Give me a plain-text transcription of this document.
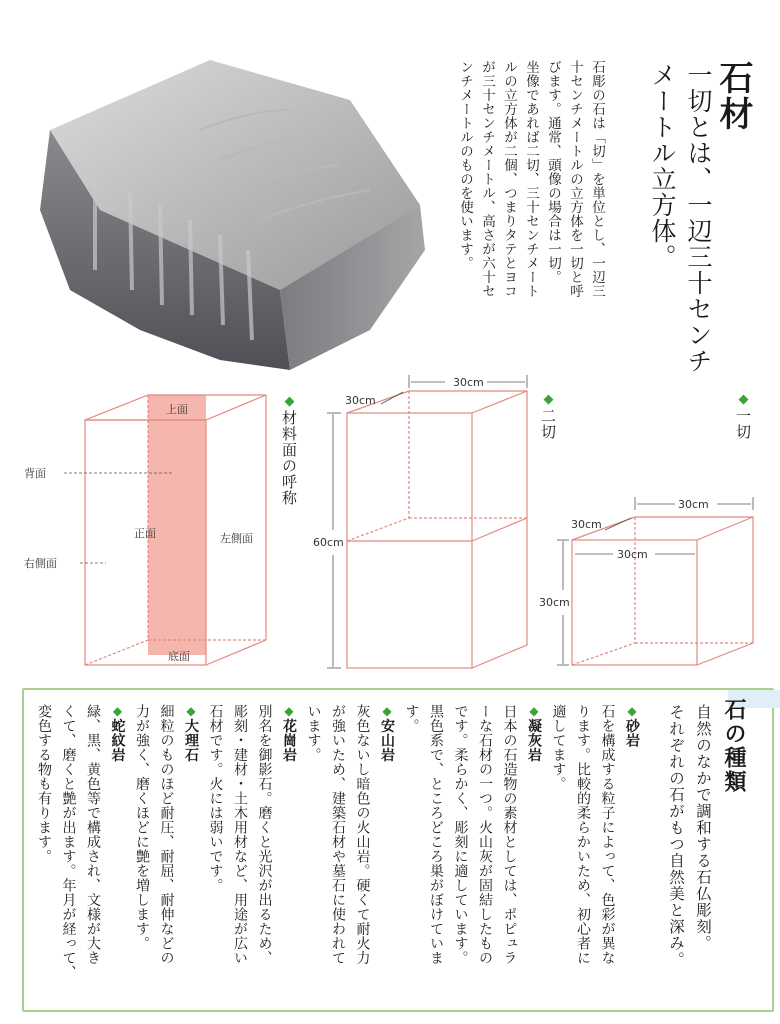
石材
一切とは、一辺三十センチ
メートル立方体。
石彫の石は「切」を単位とし、一辺三
十センチメートルの立方体を一切と呼
びます。通常、頭像の場合は一切。
坐像であれば二切、三十センチメート
ルの立方体が二個、つまりタテとヨコ
が三十センチメートル、高さが六十セ
ンチメートルのものを使います。
上面
背面
正面	左側面
右側面
底面
◆材料面の呼称
30cm
30cm
60cm
◆二切
30cm
30cm
30cm
30cm
◆一切
石の種類
自然のなかで調和する石仏彫刻。
それぞれの石がもつ自然美と深み。
◆砂岩
石を構成する粒子によって、色彩が異な
ります。比較的柔らかいため、初心者に
適してます。
◆凝灰岩
日本の石造物の素材としては、ポピュラ
ーな石材の一つ。火山灰が固結したもの
です。柔らかく、彫刻に適しています。
黒色系で、ところどころ巣がぼけていま
す。
◆安山岩
灰色ないし暗色の火山岩。硬くて耐火力
が強いため、建築石材や墓石に使われて
います。
◆花崗岩
別名を御影石。磨くと光沢が出るため、
彫刻・建材・土木用材など、用途が広い
石材です。火には弱いです。
◆大理石
細粒のものほど耐圧、耐屈、耐伸などの
力が強く、磨くほどに艶を増します。
◆蛇紋岩
緑、黒、黄色等で構成され、文様が大き
くて、磨くと艶が出ます。年月が経って、
変色する物も有ります。
